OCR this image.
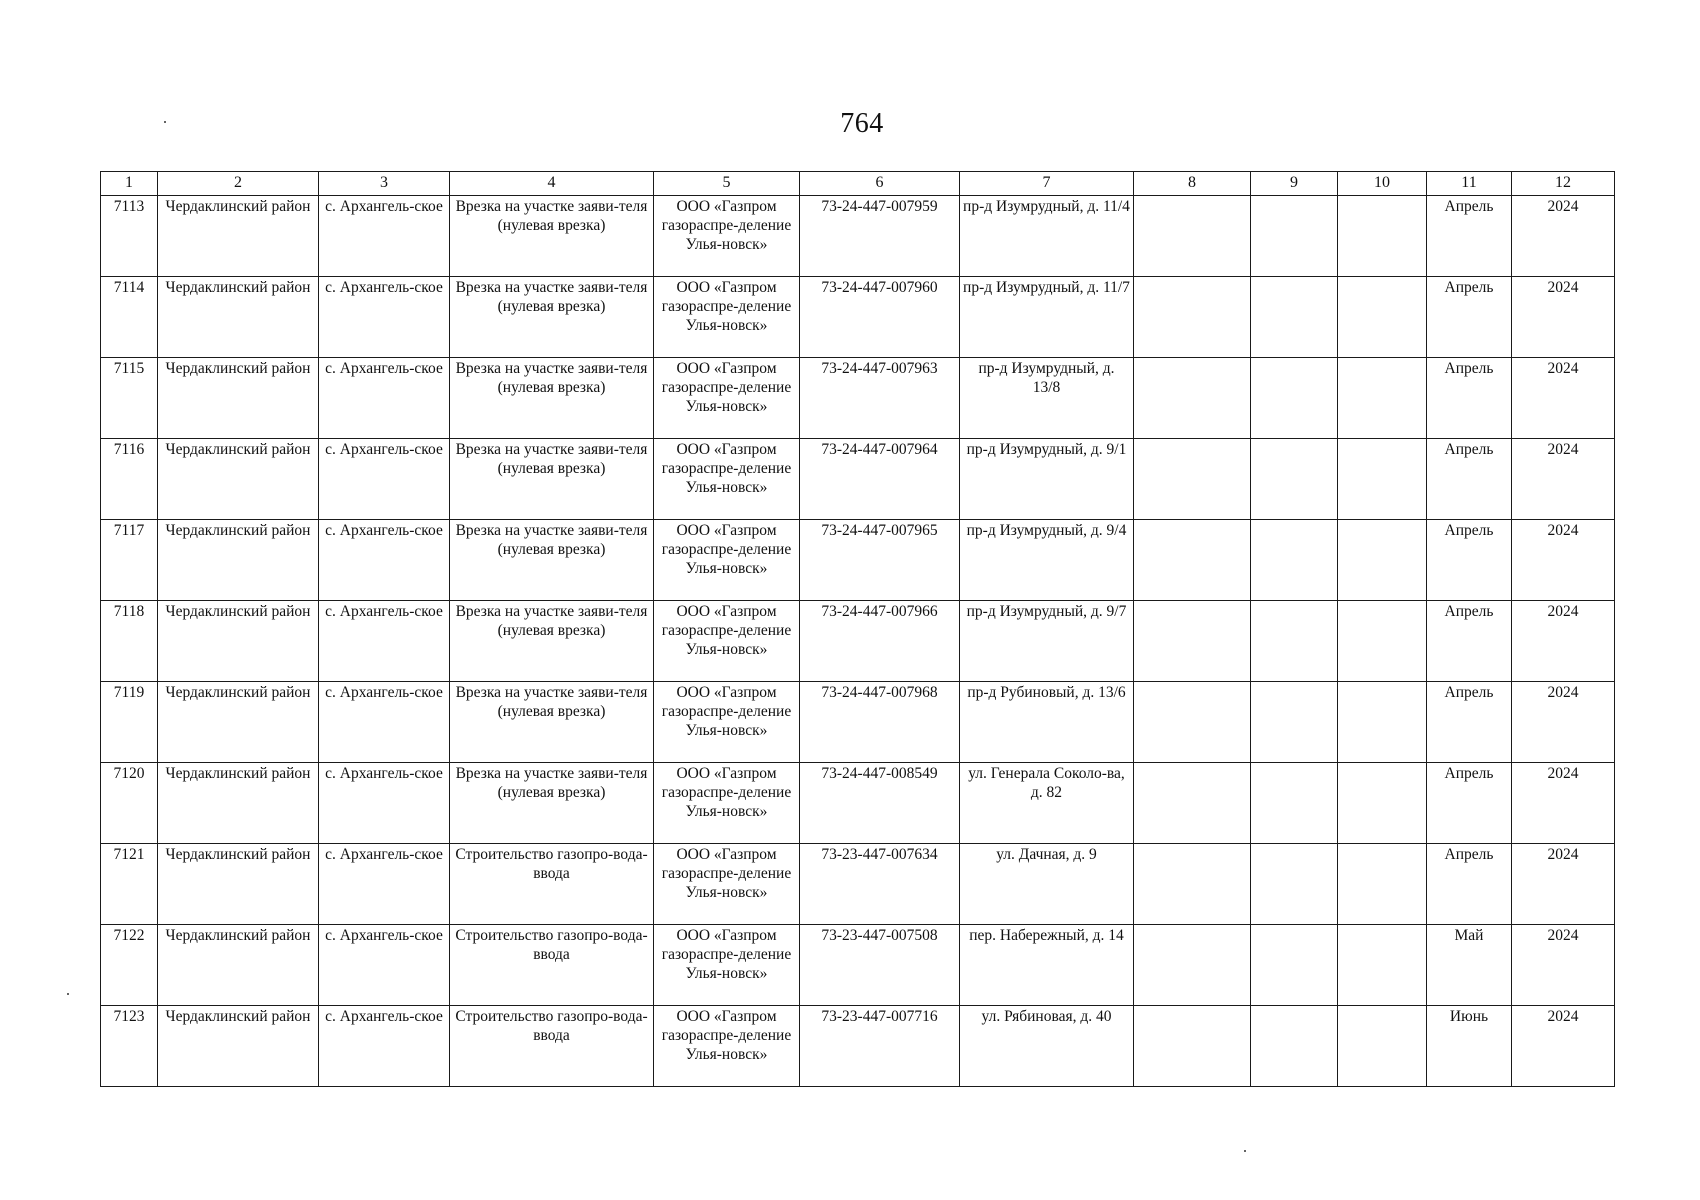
764
1	2	3	4	5	6	7	8	9	10	11	12
7113	Чердаклинский район	с. Архангель-ское	Врезка на участке заяви-теля (нулевая врезка)	ООО «Газпром газораспре-деление Улья-новск»	73-24-447-007959	пр-д Изумрудный, д. 11/4				Апрель	2024
7114	Чердаклинский район	с. Архангель-ское	Врезка на участке заяви-теля (нулевая врезка)	ООО «Газпром газораспре-деление Улья-новск»	73-24-447-007960	пр-д Изумрудный, д. 11/7				Апрель	2024
7115	Чердаклинский район	с. Архангель-ское	Врезка на участке заяви-теля (нулевая врезка)	ООО «Газпром газораспре-деление Улья-новск»	73-24-447-007963	пр-д Изумрудный, д. 13/8				Апрель	2024
7116	Чердаклинский район	с. Архангель-ское	Врезка на участке заяви-теля (нулевая врезка)	ООО «Газпром газораспре-деление Улья-новск»	73-24-447-007964	пр-д Изумрудный, д. 9/1				Апрель	2024
7117	Чердаклинский район	с. Архангель-ское	Врезка на участке заяви-теля (нулевая врезка)	ООО «Газпром газораспре-деление Улья-новск»	73-24-447-007965	пр-д Изумрудный, д. 9/4				Апрель	2024
7118	Чердаклинский район	с. Архангель-ское	Врезка на участке заяви-теля (нулевая врезка)	ООО «Газпром газораспре-деление Улья-новск»	73-24-447-007966	пр-д Изумрудный, д. 9/7				Апрель	2024
7119	Чердаклинский район	с. Архангель-ское	Врезка на участке заяви-теля (нулевая врезка)	ООО «Газпром газораспре-деление Улья-новск»	73-24-447-007968	пр-д Рубиновый, д. 13/6				Апрель	2024
7120	Чердаклинский район	с. Архангель-ское	Врезка на участке заяви-теля (нулевая врезка)	ООО «Газпром газораспре-деление Улья-новск»	73-24-447-008549	ул. Генерала Соколо-ва, д. 82				Апрель	2024
7121	Чердаклинский район	с. Архангель-ское	Строительство газопро-вода-ввода	ООО «Газпром газораспре-деление Улья-новск»	73-23-447-007634	ул. Дачная, д. 9				Апрель	2024
7122	Чердаклинский район	с. Архангель-ское	Строительство газопро-вода-ввода	ООО «Газпром газораспре-деление Улья-новск»	73-23-447-007508	пер. Набережный, д. 14				Май	2024
7123	Чердаклинский район	с. Архангель-ское	Строительство газопро-вода-ввода	ООО «Газпром газораспре-деление Улья-новск»	73-23-447-007716	ул. Рябиновая, д. 40				Июнь	2024
